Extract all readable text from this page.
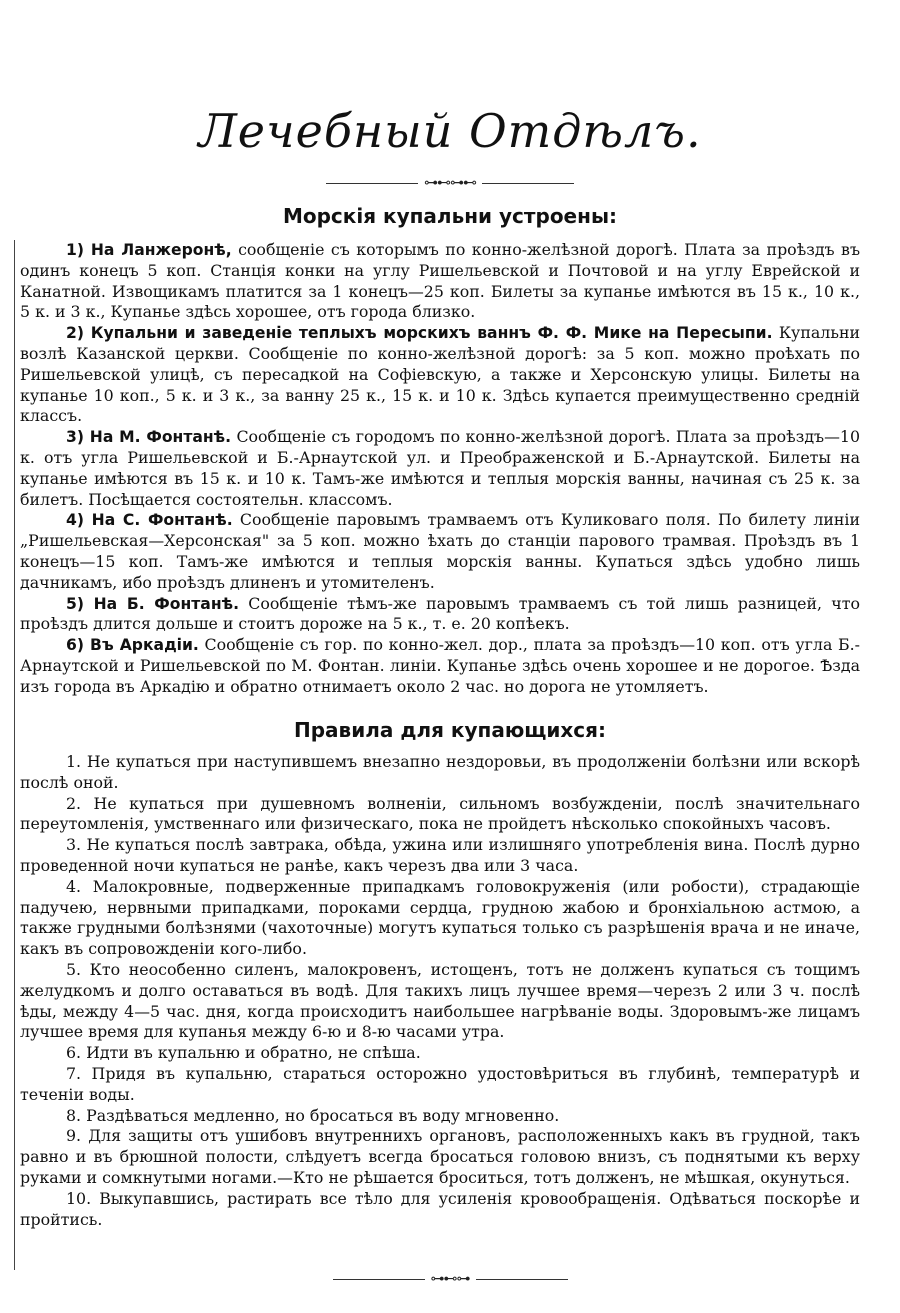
Лечебный Отдѣлъ.
⊶⊷⊶⊷
Морскія купальни устроены:

1) На Ланжеронѣ, сообщеніе съ которымъ по конно-желѣзной дорогѣ. Плата за проѣздъ въ одинъ конецъ 5 коп. Станція конки на углу Ришельевской и Почтовой и на углу Еврейской и Канатной. Извощикамъ платится за 1 конецъ—25 коп. Билеты за купанье имѣются въ 15 к., 10 к., 5 к. и 3 к., Купанье здѣсь хорошее, отъ города близко.

2) Купальни и заведеніе теплыхъ морскихъ ваннъ Ф. Ф. Мике на Пересыпи. Купальни возлѣ Казанской церкви. Сообщеніе по конно-желѣзной дорогѣ: за 5 коп. можно проѣхать по Ришельевской улицѣ, съ пересадкой на Софіевскую, а также и Херсонскую улицы. Билеты на купанье 10 коп., 5 к. и 3 к., за ванну 25 к., 15 к. и 10 к. Здѣсь купается преимущественно средній классъ.

3) На М. Фонтанѣ. Сообщеніе съ городомъ по конно-желѣзной дорогѣ. Плата за проѣздъ—10 к. отъ угла Ришельевской и Б.-Арнаутской ул. и Преображенской и Б.-Арнаутской. Билеты на купанье имѣются въ 15 к. и 10 к. Тамъ-же имѣются и теплыя морскія ванны, начиная съ 25 к. за билетъ. Посѣщается состоятельн. классомъ.

4) На С. Фонтанѣ. Сообщеніе паровымъ трамваемъ отъ Куликоваго поля. По билету линіи „Ришельевская—Херсонская" за 5 коп. можно ѣхать до станціи парового трамвая. Проѣздъ въ 1 конецъ—15 коп. Тамъ-же имѣются и теплыя морскія ванны. Купаться здѣсь удобно лишь дачникамъ, ибо проѣздъ длиненъ и утомителенъ.

5) На Б. Фонтанѣ. Сообщеніе тѣмъ-же паровымъ трамваемъ съ той лишь разницей, что проѣздъ длится дольше и стоитъ дороже на 5 к., т. е. 20 копѣекъ.

6) Въ Аркадіи. Сообщеніе съ гор. по конно-жел. дор., плата за проѣздъ—10 коп. отъ угла Б.-Арнаутской и Ришельевской по М. Фонтан. линіи. Купанье здѣсь очень хорошее и не дорогое. Ѣзда изъ города въ Аркадію и обратно отнимаетъ около 2 час. но дорога не утомляетъ.

Правила для купающихся:

1. Не купаться при наступившемъ внезапно нездоровьи, въ продолженіи болѣзни или вскорѣ послѣ оной.

2. Не купаться при душевномъ волненіи, сильномъ возбужденіи, послѣ значительнаго переутомленія, умственнаго или физическаго, пока не пройдетъ нѣсколько спокойныхъ часовъ.

3. Не купаться послѣ завтрака, обѣда, ужина или излишняго употребленія вина. Послѣ дурно проведенной ночи купаться не ранѣе, какъ черезъ два или 3 часа.

4. Малокровные, подверженные припадкамъ головокруженія (или робости), страдающіе падучею, нервными припадками, пороками сердца, грудною жабою и бронхіальною астмою, а также грудными болѣзнями (чахоточные) могутъ купаться только съ разрѣшенія врача и не иначе, какъ въ сопровожденіи кого-либо.

5. Кто неособенно силенъ, малокровенъ, истощенъ, тотъ не долженъ купаться съ тощимъ желудкомъ и долго оставаться въ водѣ. Для такихъ лицъ лучшее время—черезъ 2 или 3 ч. послѣ ѣды, между 4—5 час. дня, когда происходитъ наибольшее нагрѣваніе воды. Здоровымъ-же лицамъ лучшее время для купанья между 6-ю и 8-ю часами утра.

6. Идти въ купальню и обратно, не спѣша.

7. Придя въ купальню, стараться осторожно удостовѣриться въ глубинѣ, температурѣ и теченіи воды.

8. Раздѣваться медленно, но бросаться въ воду мгновенно.

9. Для защиты отъ ушибовъ внутреннихъ органовъ, расположенныхъ какъ въ грудной, такъ равно и въ брюшной полости, слѣдуетъ всегда бросаться головою внизъ, съ поднятыми къ верху руками и сомкнутыми ногами.—Кто не рѣшается броситься, тотъ долженъ, не мѣшкая, окунуться.

10. Выкупавшись, растирать все тѣло для усиленія кровообращенія. Одѣваться поскорѣе и пройтись.

⊶⊷⊶
